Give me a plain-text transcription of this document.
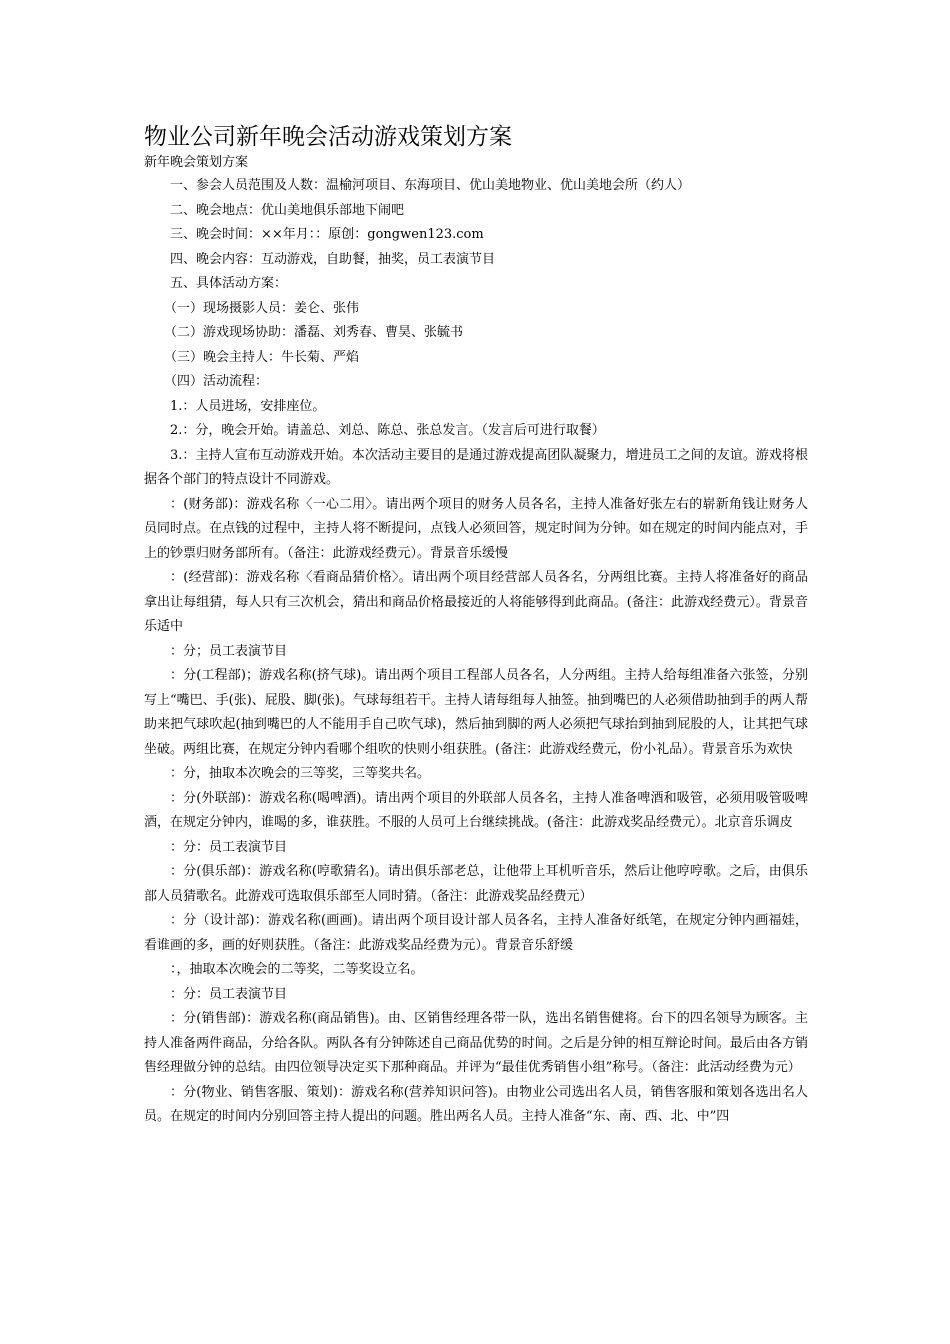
物业公司新年晚会活动游戏策划方案

新年晚会策划方案

一、参会人员范围及人数：温榆河项目、东海项目、优山美地物业、优山美地会所（约人）

二、晚会地点：优山美地俱乐部地下闹吧

三、晚会时间：××年月：：原创：gongwen123.com

四、晚会内容：互动游戏，自助餐，抽奖，员工表演节目

五、具体活动方案：

（一）现场摄影人员：姜仑、张伟

（二）游戏现场协助：潘磊、刘秀春、曹昊、张毓书

（三）晚会主持人：牛长菊、严焰

（四）活动流程：

1.：人员进场，安排座位。

2.：分，晚会开始。请盖总、刘总、陈总、张总发言。（发言后可进行取餐）

3.：主持人宣布互动游戏开始。本次活动主要目的是通过游戏提高团队凝聚力，增进员工之间的友谊。游戏将根据各个部门的特点设计不同游戏。

：(财务部)：游戏名称〈一心二用〉。请出两个项目的财务人员各名，主持人准备好张左右的崭新角钱让财务人员同时点。在点钱的过程中，主持人将不断提问，点钱人必须回答，规定时间为分钟。如在规定的时间内能点对，手上的钞票归财务部所有。（备注：此游戏经费元）。背景音乐缓慢

：(经营部)：游戏名称〈看商品猜价格〉。请出两个项目经营部人员各名，分两组比赛。主持人将准备好的商品拿出让每组猜，每人只有三次机会，猜出和商品价格最接近的人将能够得到此商品。(备注：此游戏经费元）。背景音乐适中

：分；员工表演节目

：分(工程部)；游戏名称(挤气球)。请出两个项目工程部人员各名，人分两组。主持人给每组准备六张签，分别写上“嘴巴、手(张)、屁股、脚(张)。气球每组若干。主持人请每组每人抽签。抽到嘴巴的人必须借助抽到手的两人帮助来把气球吹起(抽到嘴巴的人不能用手自己吹气球)，然后抽到脚的两人必须把气球抬到抽到屁股的人，让其把气球坐破。两组比赛，在规定分钟内看哪个组吹的快则小组获胜。(备注：此游戏经费元，份小礼品）。背景音乐为欢快

：分，抽取本次晚会的三等奖，三等奖共名。

：分(外联部)：游戏名称(喝啤酒)。请出两个项目的外联部人员各名，主持人准备啤酒和吸管，必须用吸管吸啤酒，在规定分钟内，谁喝的多，谁获胜。不服的人员可上台继续挑战。(备注：此游戏奖品经费元）。北京音乐调皮

：分：员工表演节目

：分(俱乐部)：游戏名称(哼歌猜名)。请出俱乐部老总，让他带上耳机听音乐，然后让他哼哼歌。之后，由俱乐部人员猜歌名。此游戏可选取俱乐部至人同时猜。（备注：此游戏奖品经费元）

：分（设计部)：游戏名称(画画)。请出两个项目设计部人员各名，主持人准备好纸笔，在规定分钟内画福娃，看谁画的多，画的好则获胜。（备注：此游戏奖品经费为元）。背景音乐舒缓

：，抽取本次晚会的二等奖，二等奖设立名。

：分：员工表演节目

：分(销售部)：游戏名称(商品销售)。由、区销售经理各带一队，选出名销售健将。台下的四名领导为顾客。主持人准备两件商品，分给各队。两队各有分钟陈述自己商品优势的时间。之后是分钟的相互辩论时间。最后由各方销售经理做分钟的总结。由四位领导决定买下那种商品。并评为“最佳优秀销售小组”称号。（备注：此活动经费为元）

：分(物业、销售客服、策划)：游戏名称(营养知识问答)。由物业公司选出名人员，销售客服和策划各选出名人员。在规定的时间内分别回答主持人提出的问题。胜出两名人员。主持人准备“东、南、西、北、中”四
